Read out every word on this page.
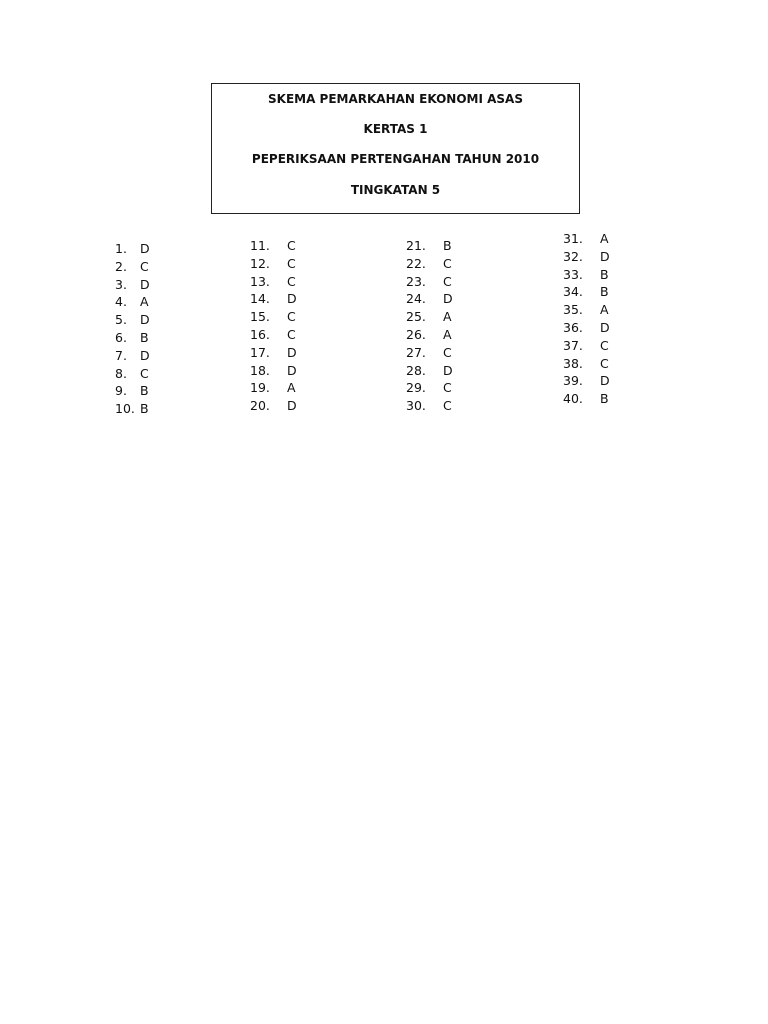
SKEMA PEMARKAHAN EKONOMI ASAS
KERTAS 1
PEPERIKSAAN PERTENGAHAN TAHUN 2010
TINGKATAN 5
1. D
2. C
3. D
4. A
5. D
6. B
7. D
8. C
9. B
10. B
11. C
12. C
13. C
14. D
15. C
16. C
17. D
18. D
19. A
20. D
21. B
22. C
23. C
24. D
25. A
26. A
27. C
28. D
29. C
30. C
31. A
32. D
33. B
34. B
35. A
36. D
37. C
38. C
39. D
40. B
